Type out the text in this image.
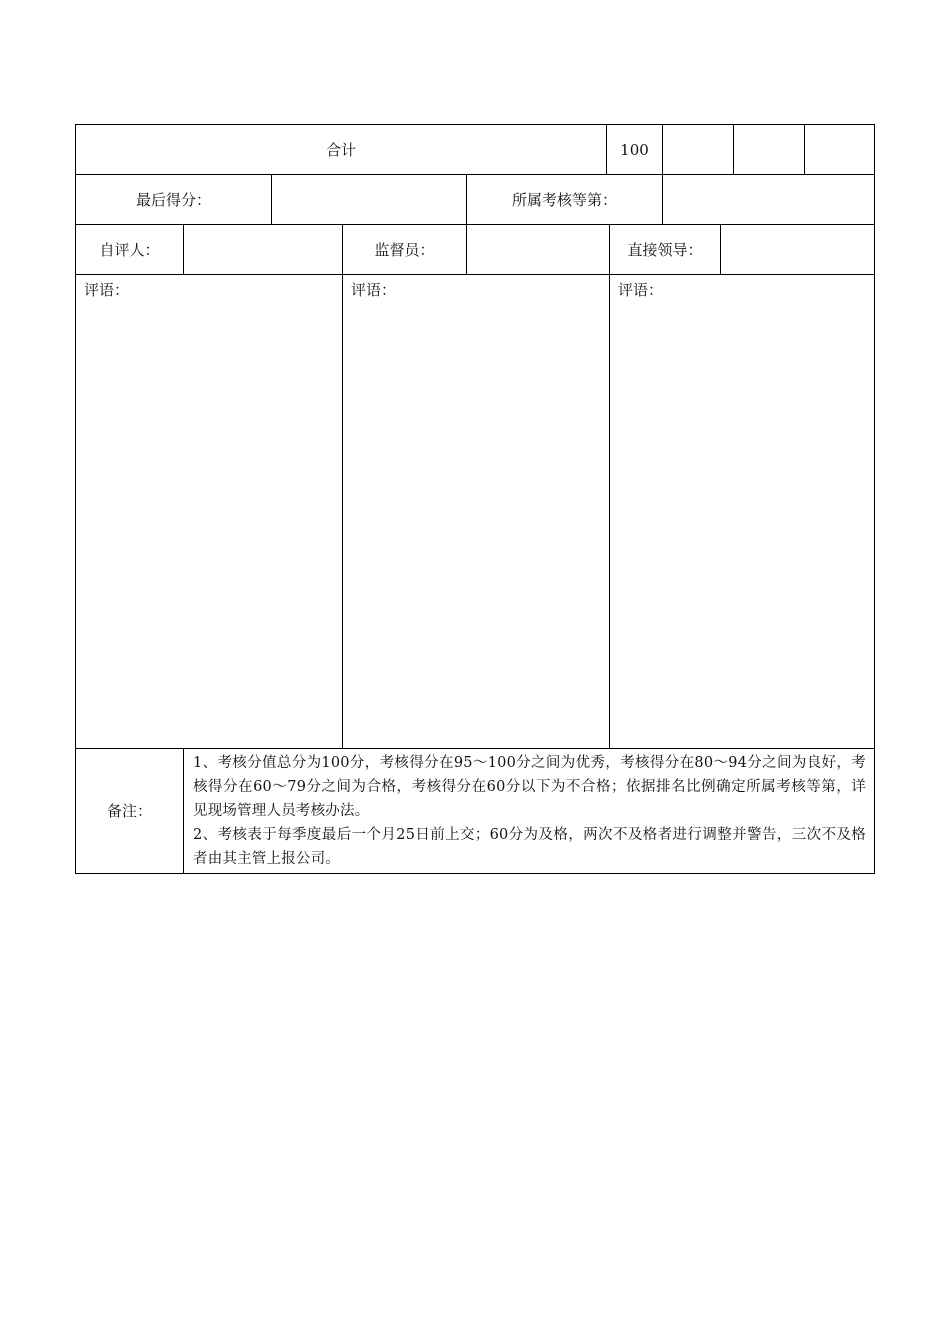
合计	100
最后得分：	所属考核等第：
自评人：	监督员：	直接领导：
评语：	评语：	评语：
备注：

1、考核分值总分为100分，考核得分在95～100分之间为优秀，考核得分在80～94分之间为良好，考核得分在60～79分之间为合格，考核得分在60分以下为不合格；依据排名比例确定所属考核等第，详见现场管理人员考核办法。

2、考核表于每季度最后一个月25日前上交；60分为及格，两次不及格者进行调整并警告，三次不及格者由其主管上报公司。
